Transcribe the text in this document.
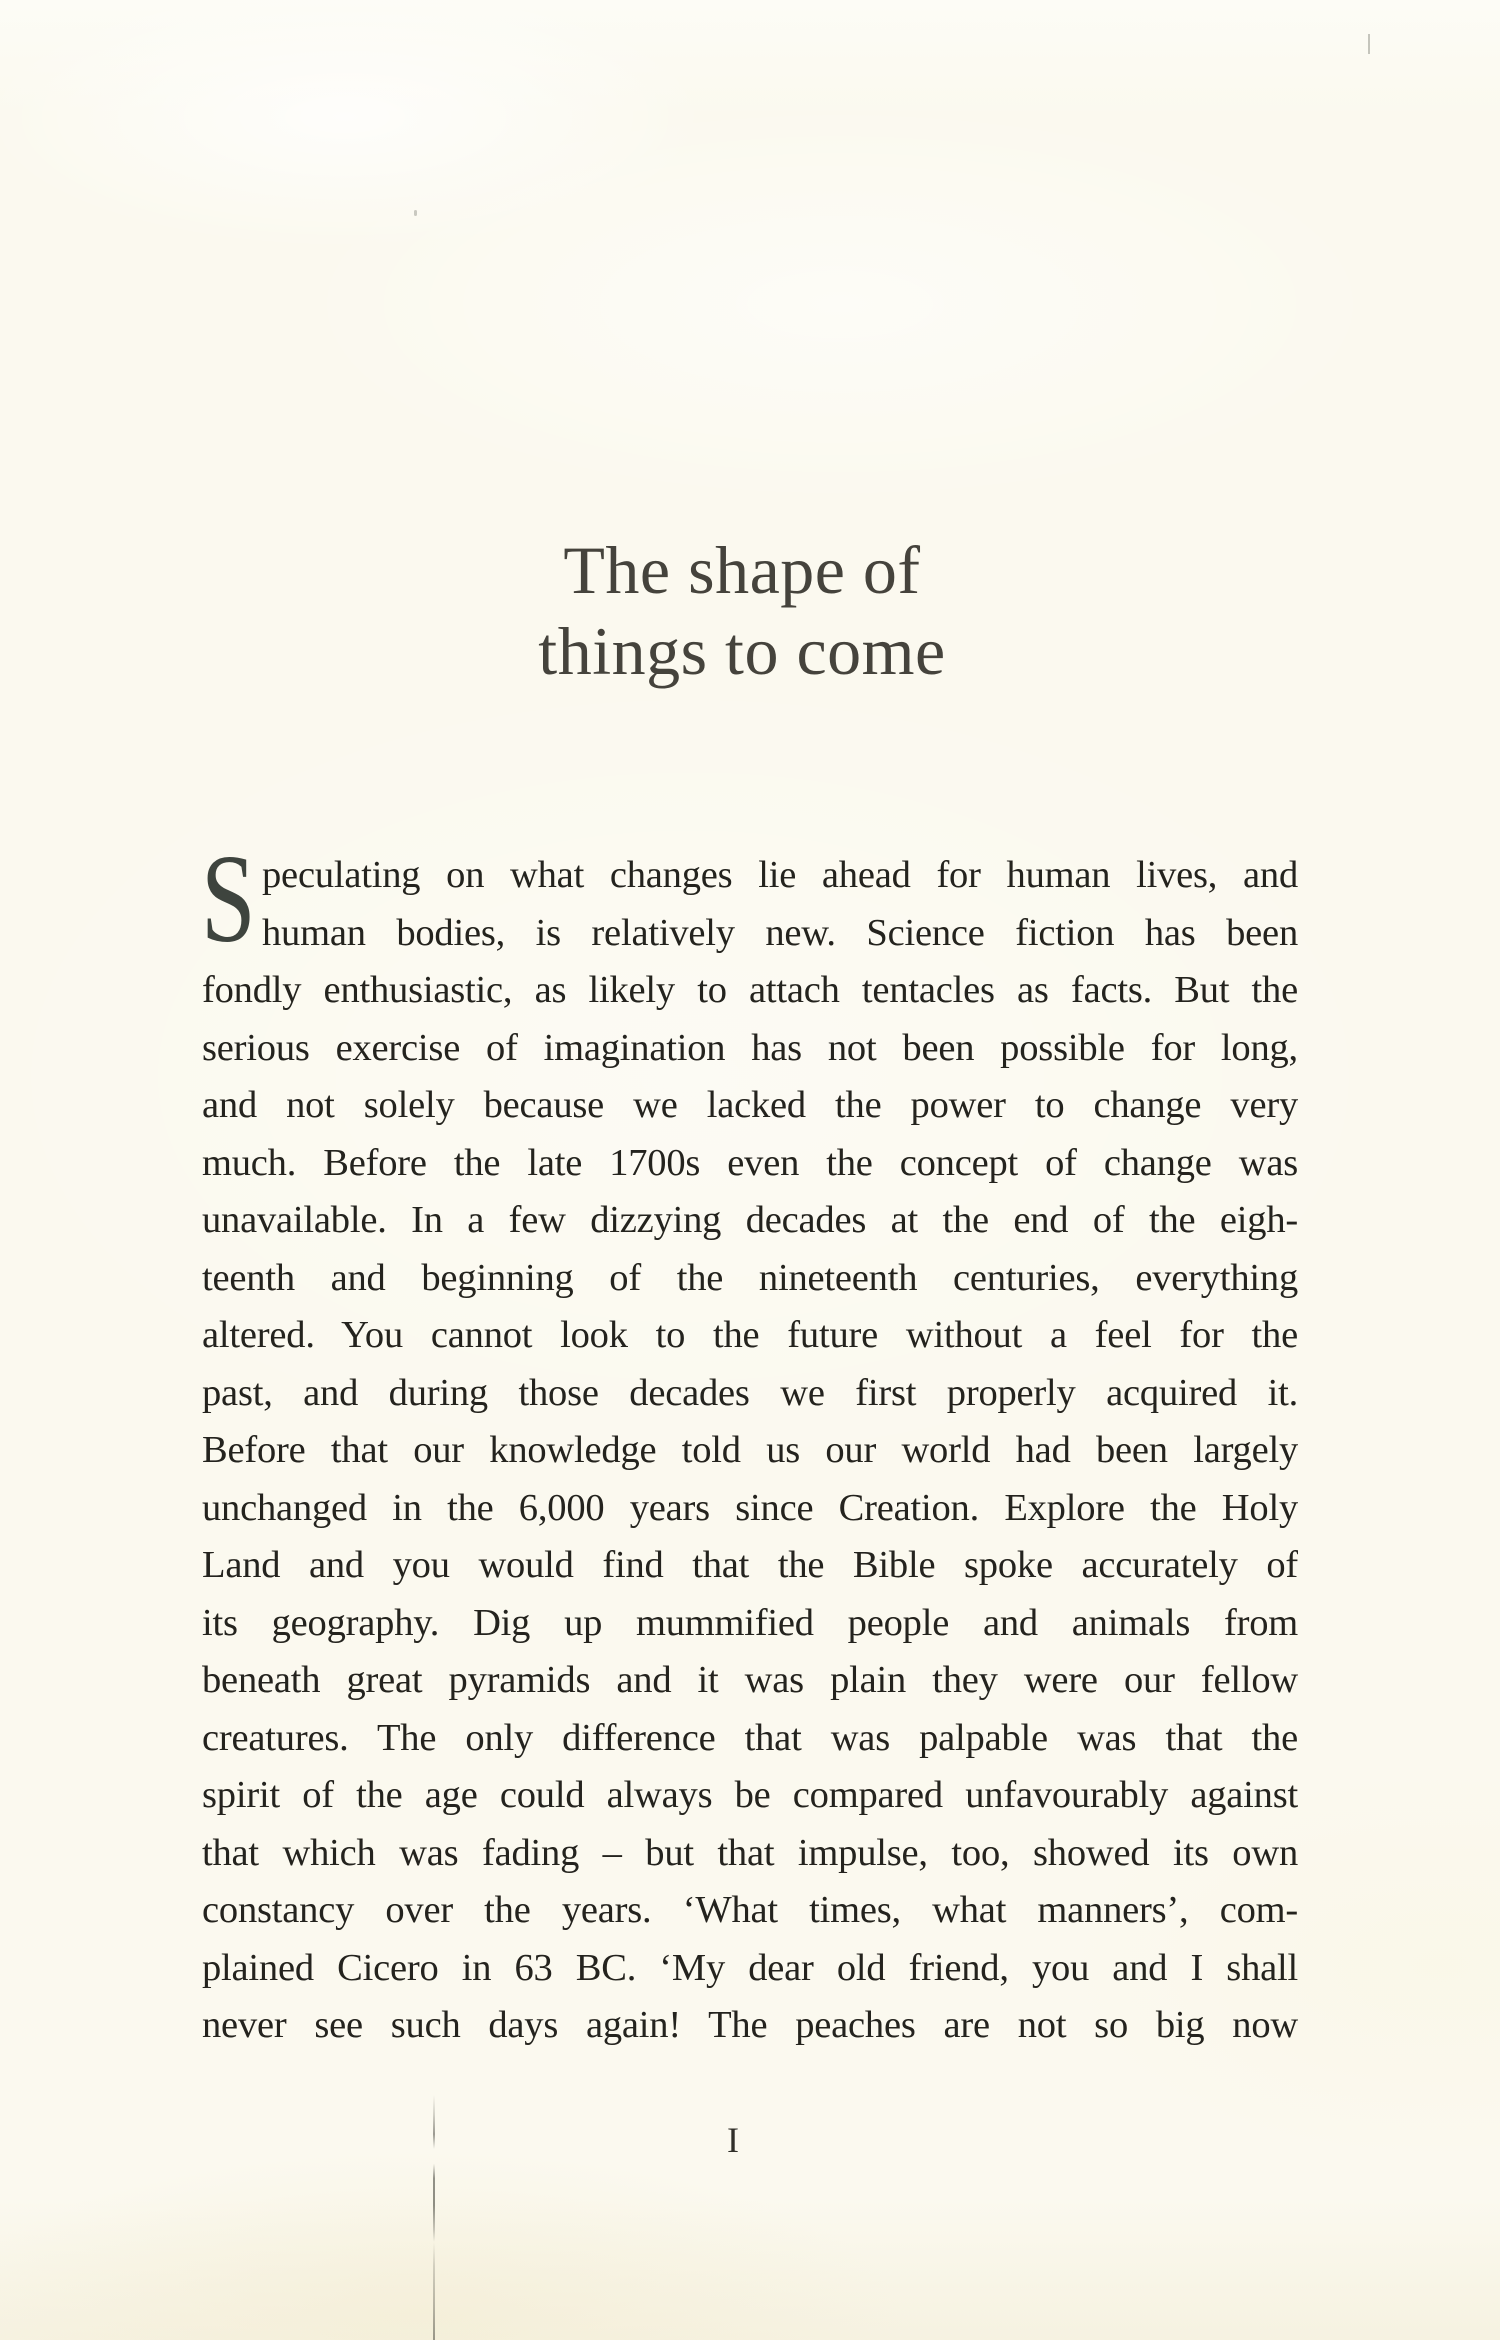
The shape of
things to come
S peculating on what changes lie ahead for human lives, and
human bodies, is relatively new. Science fiction has been
fondly enthusiastic, as likely to attach tentacles as facts. But the
serious exercise of imagination has not been possible for long,
and not solely because we lacked the power to change very
much. Before the late 1700s even the concept of change was
unavailable. In a few dizzying decades at the end of the eigh-
teenth and beginning of the nineteenth centuries, everything
altered. You cannot look to the future without a feel for the
past, and during those decades we first properly acquired it.
Before that our knowledge told us our world had been largely
unchanged in the 6,000 years since Creation. Explore the Holy
Land and you would find that the Bible spoke accurately of
its geography. Dig up mummified people and animals from
beneath great pyramids and it was plain they were our fellow
creatures. The only difference that was palpable was that the
spirit of the age could always be compared unfavourably against
that which was fading – but that impulse, too, showed its own
constancy over the years. ‘What times, what manners’, com-
plained Cicero in 63 BC. ‘My dear old friend, you and I shall
never see such days again! The peaches are not so big now
I
